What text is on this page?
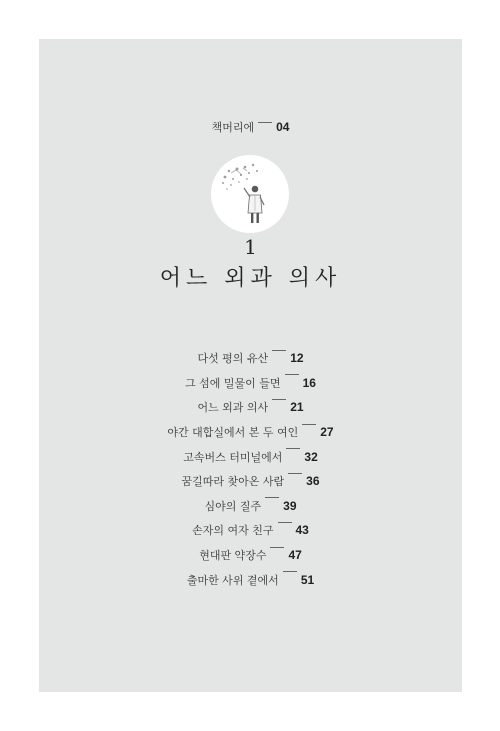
책머리에 04
1
어느 외과 의사
다섯 평의 유산 12
그 섬에 밀물이 들면 16
어느 외과 의사 21
야간 대합실에서 본 두 여인 27
고속버스 터미널에서 32
꿈길따라 찾아온 사람 36
심야의 질주 39
손자의 여자 친구 43
현대판 약장수 47
출마한 사위 곁에서 51
